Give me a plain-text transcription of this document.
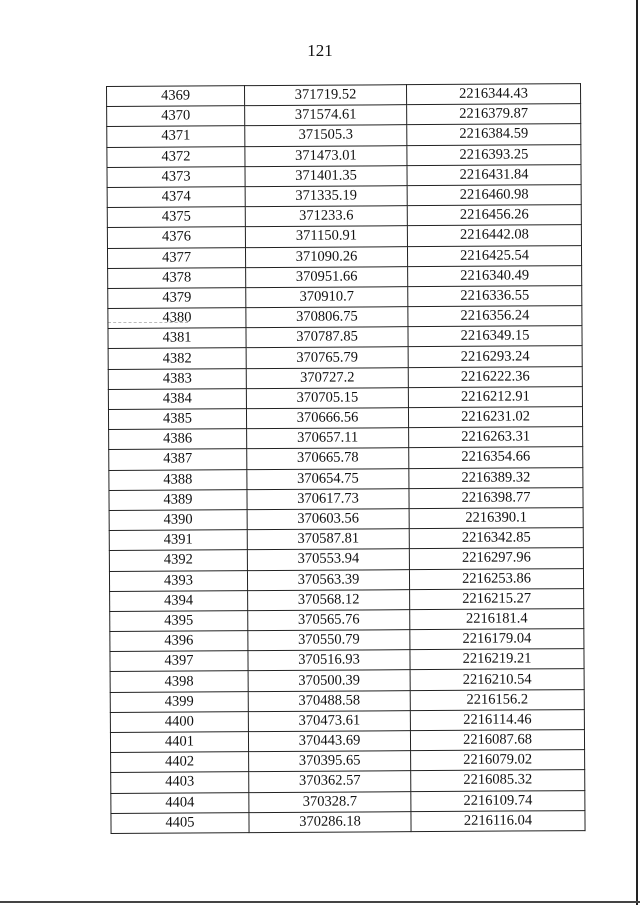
121
4369	371719.52	2216344.43
4370	371574.61	2216379.87
4371	371505.3	2216384.59
4372	371473.01	2216393.25
4373	371401.35	2216431.84
4374	371335.19	2216460.98
4375	371233.6	2216456.26
4376	371150.91	2216442.08
4377	371090.26	2216425.54
4378	370951.66	2216340.49
4379	370910.7	2216336.55
4380	370806.75	2216356.24
4381	370787.85	2216349.15
4382	370765.79	2216293.24
4383	370727.2	2216222.36
4384	370705.15	2216212.91
4385	370666.56	2216231.02
4386	370657.11	2216263.31
4387	370665.78	2216354.66
4388	370654.75	2216389.32
4389	370617.73	2216398.77
4390	370603.56	2216390.1
4391	370587.81	2216342.85
4392	370553.94	2216297.96
4393	370563.39	2216253.86
4394	370568.12	2216215.27
4395	370565.76	2216181.4
4396	370550.79	2216179.04
4397	370516.93	2216219.21
4398	370500.39	2216210.54
4399	370488.58	2216156.2
4400	370473.61	2216114.46
4401	370443.69	2216087.68
4402	370395.65	2216079.02
4403	370362.57	2216085.32
4404	370328.7	2216109.74
4405	370286.18	2216116.04
